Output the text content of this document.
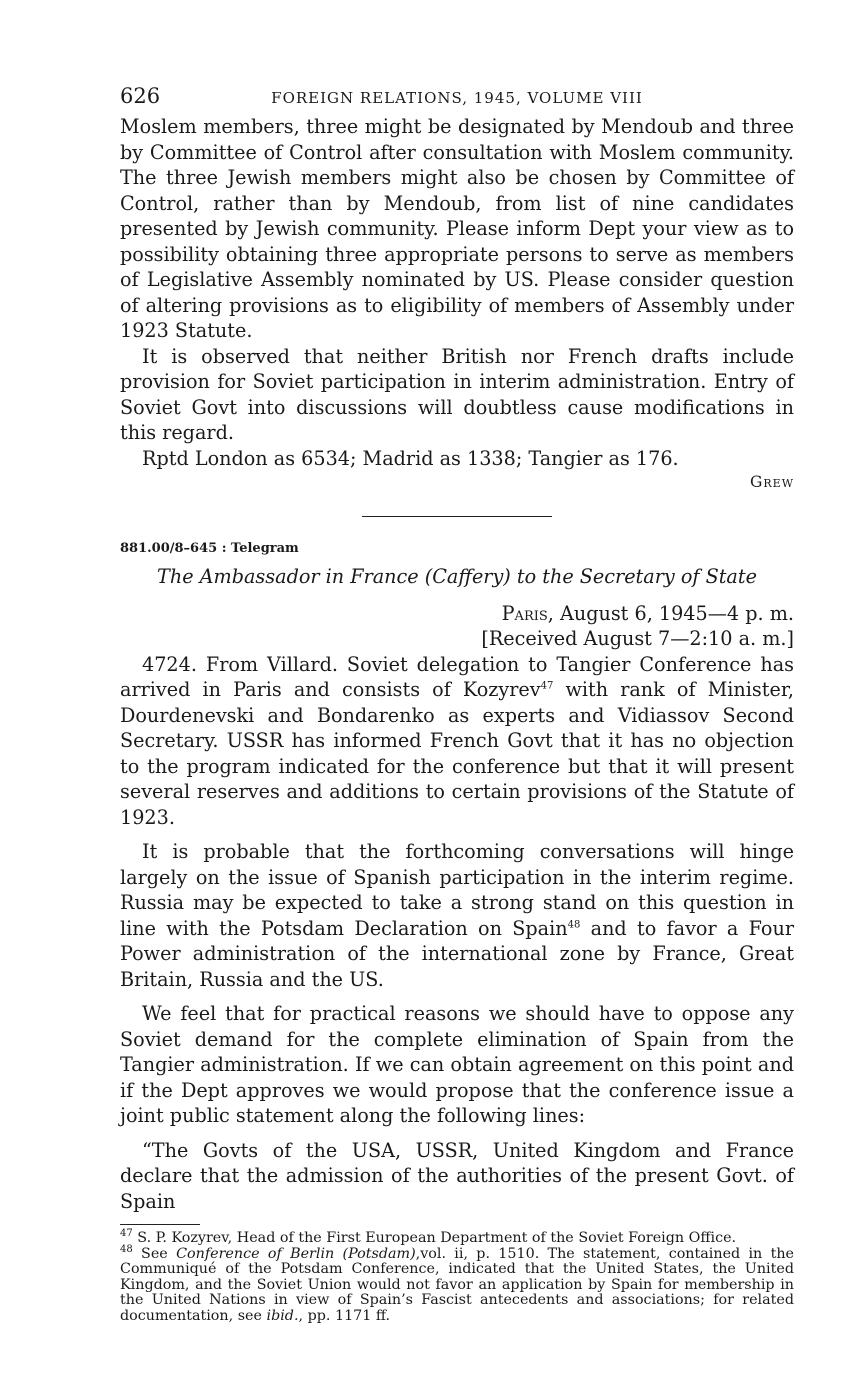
626	FOREIGN RELATIONS, 1945, VOLUME VIII

Moslem members, three might be designated by Mendoub and three by Committee of Control after consultation with Moslem community. The three Jewish members might also be chosen by Committee of Control, rather than by Mendoub, from list of nine candidates presented by Jewish community. Please inform Dept your view as to possibility obtaining three appropriate persons to serve as members of Legislative Assembly nominated by US. Please consider question of altering provisions as to eligibility of members of Assembly under 1923 Statute.

It is observed that neither British nor French drafts include provision for Soviet participation in interim administration. Entry of Soviet Govt into discussions will doubtless cause modifications in this regard.

Rptd London as 6534; Madrid as 1338; Tangier as 176.

Grew
881.00/8–645 : Telegram
The Ambassador in France (Caffery) to the Secretary of State
Paris, August 6, 1945—4 p. m.
[Received August 7—2:10 a. m.]

4724. From Villard. Soviet delegation to Tangier Conference has arrived in Paris and consists of Kozyrev$^{47}$ with rank of Minister, Dourdenevski and Bondarenko as experts and Vidiassov Second Secretary. USSR has informed French Govt that it has no objection to the program indicated for the conference but that it will present several reserves and additions to certain provisions of the Statute of 1923.

It is probable that the forthcoming conversations will hinge largely on the issue of Spanish participation in the interim regime. Russia may be expected to take a strong stand on this question in line with the Potsdam Declaration on Spain$^{48}$ and to favor a Four Power administration of the international zone by France, Great Britain, Russia and the US.

We feel that for practical reasons we should have to oppose any Soviet demand for the complete elimination of Spain from the Tangier administration. If we can obtain agreement on this point and if the Dept approves we would propose that the conference issue a joint public statement along the following lines:

“The Govts of the USA, USSR, United Kingdom and France declare that the admission of the authorities of the present Govt. of Spain

$^{47}$ S. P. Kozyrev, Head of the First European Department of the Soviet Foreign Office.

$^{48}$ See Conference of Berlin (Potsdam),vol. ii, p. 1510. The statement, contained in the Communiqué of the Potsdam Conference, indicated that the United States, the United Kingdom, and the Soviet Union would not favor an application by Spain for membership in the United Nations in view of Spain’s Fascist antecedents and associations; for related documentation, see ibid., pp. 1171 ff.
